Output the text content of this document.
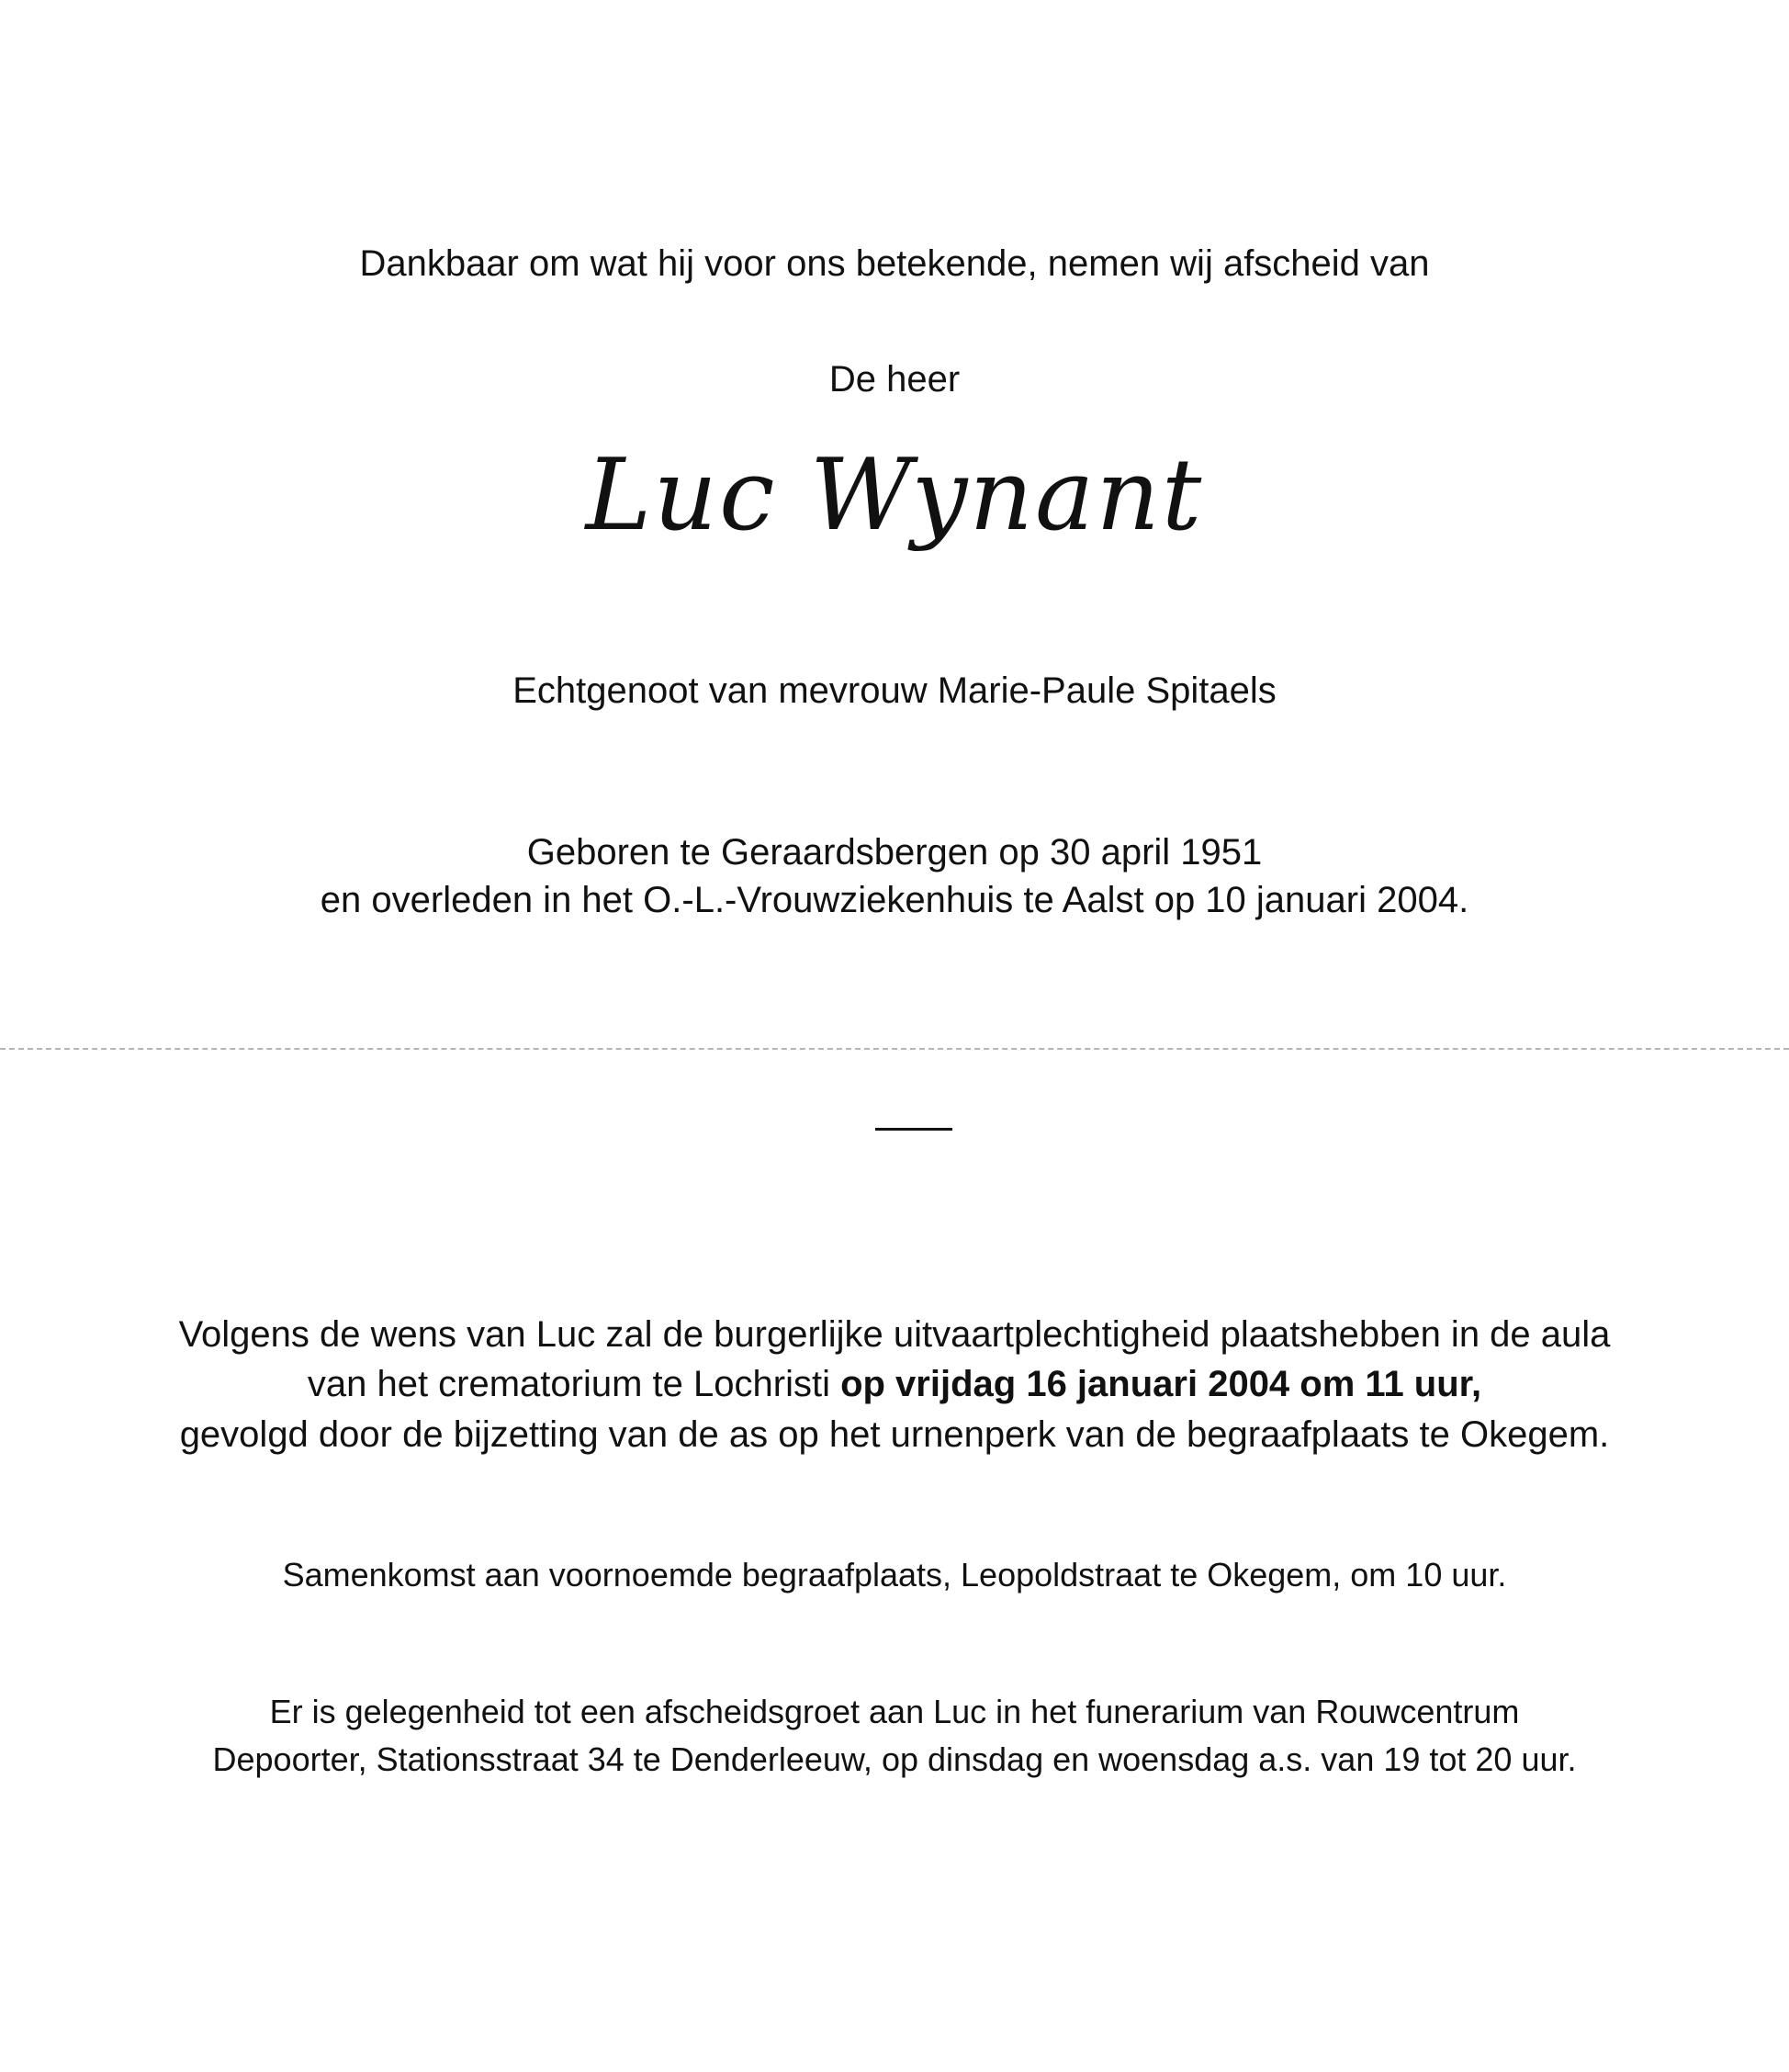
Dankbaar om wat hij voor ons betekende, nemen wij afscheid van
De heer
Luc Wynant
Echtgenoot van mevrouw Marie-Paule Spitaels
Geboren te Geraardsbergen op 30 april 1951
en overleden in het O.-L.-Vrouwziekenhuis te Aalst op 10 januari 2004.
Volgens de wens van Luc zal de burgerlijke uitvaartplechtigheid plaatshebben in de aula
van het crematorium te Lochristi op vrijdag 16 januari 2004 om 11 uur,
gevolgd door de bijzetting van de as op het urnenperk van de begraafplaats te Okegem.
Samenkomst aan voornoemde begraafplaats, Leopoldstraat te Okegem, om 10 uur.
Er is gelegenheid tot een afscheidsgroet aan Luc in het funerarium van Rouwcentrum
Depoorter, Stationsstraat 34 te Denderleeuw, op dinsdag en woensdag a.s. van 19 tot 20 uur.
